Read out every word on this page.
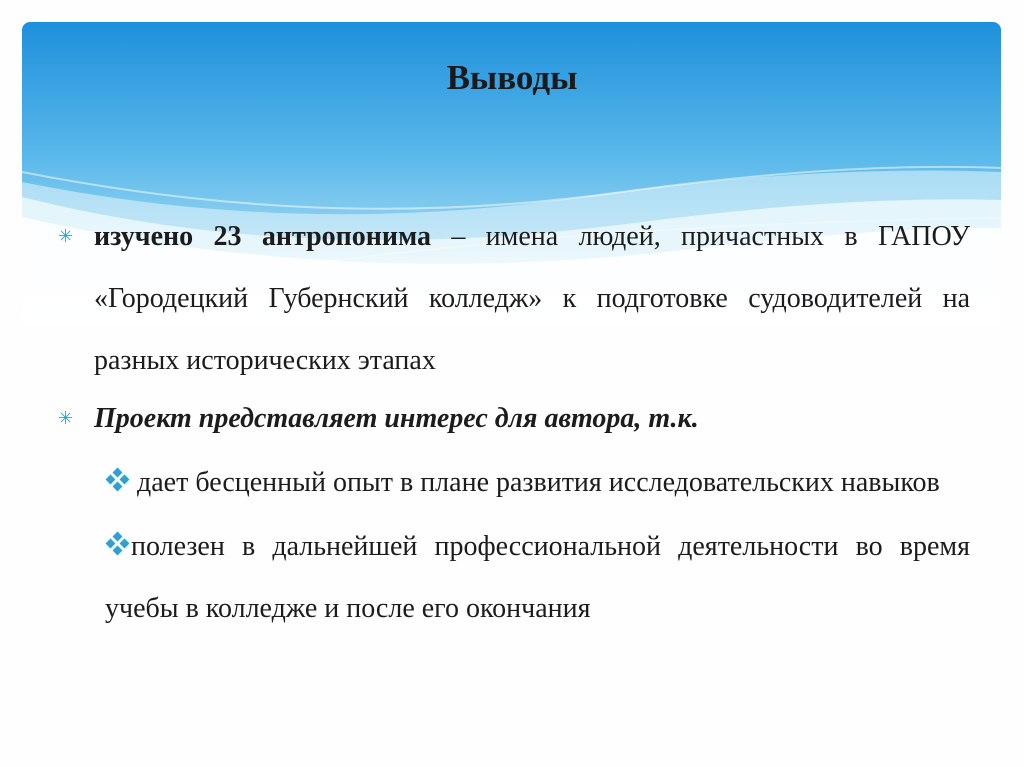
Выводы
✳ изучено 23 антропонима – имена людей, причастных в ГАПОУ «Городецкий Губернский колледж» к подготовке судоводителей на разных исторических этапах
✳ Проект представляет интерес для автора, т.к.
дает бесценный опыт в плане развития исследовательских навыков
полезен в дальнейшей профессиональной деятельности во время учебы в колледже и после его окончания
